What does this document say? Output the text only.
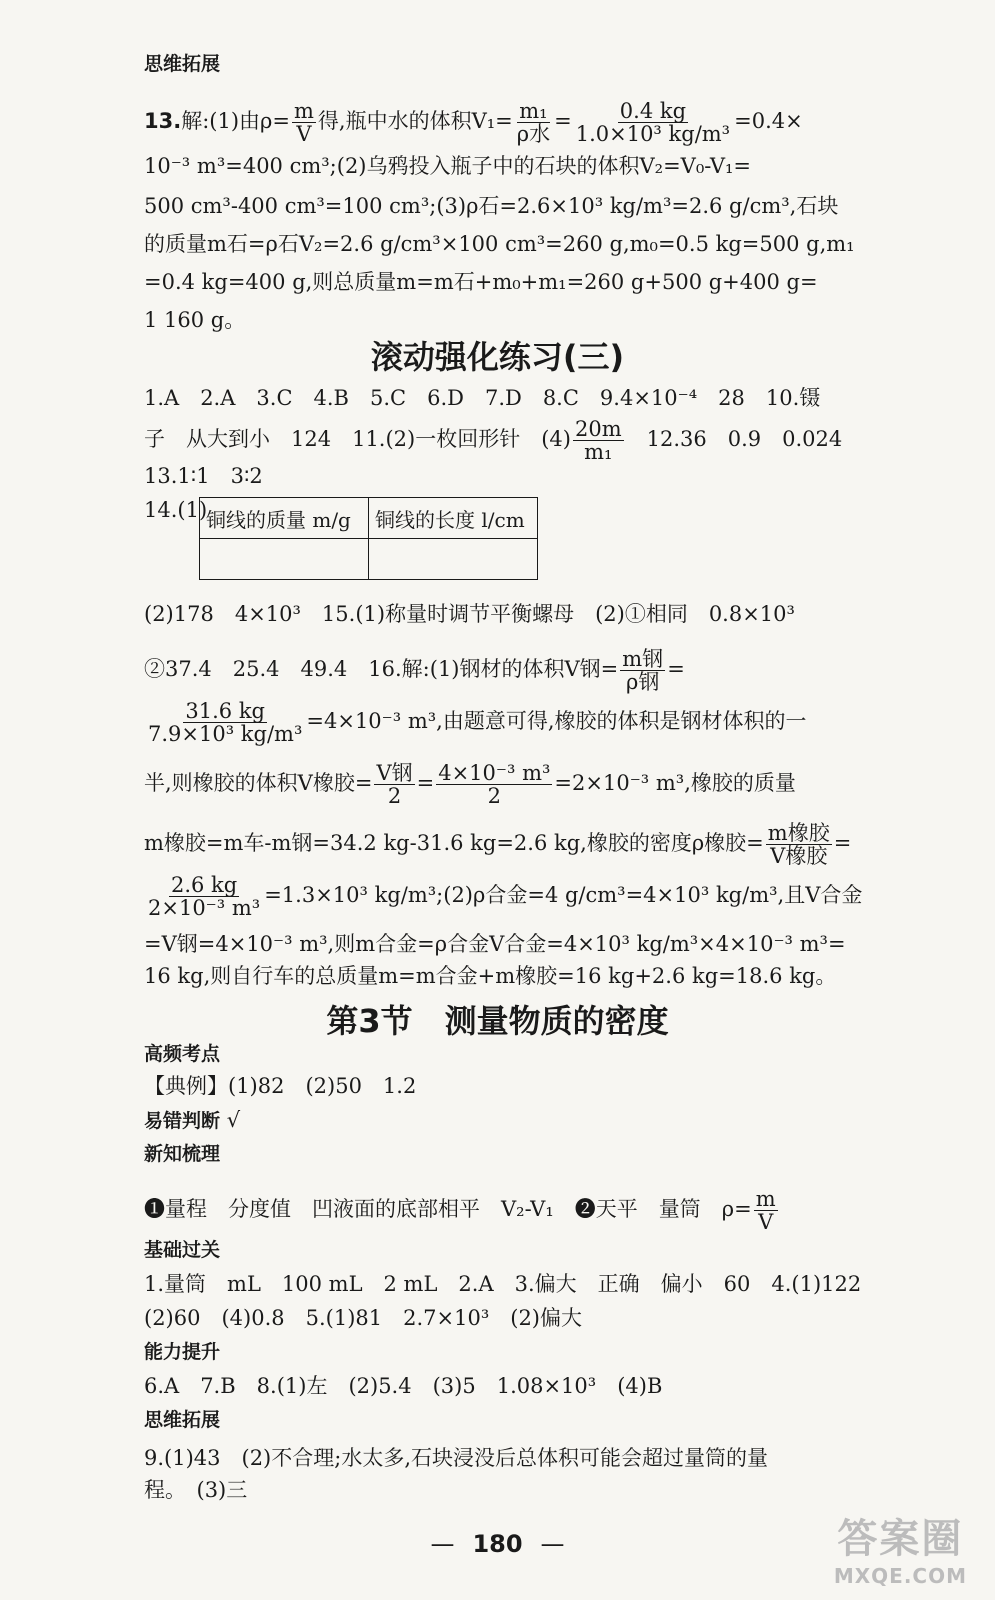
思维拓展
13.解:(1)由$\rho= \frac{m}{V}$ 得,瓶中水的体积$V_1= \frac{\text{m₁}}{\text{ρ水}} = \frac{0.4 kg}{\text{1.0×10³ kg/m³}} =0.4\times$
10⁻³ m³=400 cm³;(2)乌鸦投入瓶子中的石块的体积V₂=V₀-V₁=
500 cm³-400 cm³=100 cm³;(3)ρ石=2.6×10³ kg/m³=2.6 g/cm³,石块
的质量m石=ρ石V₂=2.6 g/cm³×100 cm³=260 g,m₀=0.5 kg=500 g,m₁
=0.4 kg=400 g,则总质量m=m石+m₀+m₁=260 g+500 g+400 g=
1 160 g。
滚动强化练习(三)
1.A　2.A　3.C　4.B　5.C　6.D　7.D　8.C　9.4×10⁻⁴　28　10.镊
子　从大到小　124　11.(2)一枚回形针　$(4) \frac{20m}{\text{m₁}}$ 　12.36　0.9　0.024
13.1∶1　3∶2
14.(1)
铜线的质量 m/g	铜线的长度 l/cm

(2)178　4×10³　15.(1)称量时调节平衡螺母　(2)①相同　0.8×10³
②37.4　25.4　49.4　16.解:(1)钢材的体积V钢= $\frac{\text{m钢}}{\text{ρ钢}}$ =
$\frac{31.6 kg}{\text{7.9×10³ kg/m³}} =4\times 10^{-3}$ m³,由题意可得,橡胶的体积是钢材体积的一
半,则橡胶的体积V橡胶= $\frac{\text{V钢}}{2} = \frac{\text{4×10⁻³ m³}}{2} =2\times 10^{-3}$ m³,橡胶的质量
m橡胶=m车-m钢=34.2 kg-31.6 kg=2.6 kg,橡胶的密度ρ橡胶= $\frac{\text{m橡胶}}{\text{V橡胶}}$ =
$\frac{2.6 kg}{\text{2×10⁻³ m³}} =1.3\times 10^3$ kg/m³;(2)ρ合金=4 g/cm³=4×10³ kg/m³,且V合金
=V钢=4×10⁻³ m³,则m合金=ρ合金V合金=4×10³ kg/m³×4×10⁻³ m³=
16 kg,则自行车的总质量m=m合金+m橡胶=16 kg+2.6 kg=18.6 kg。
第3节　测量物质的密度
高频考点
【典例】(1)82　(2)50　1.2
易错判断 √
新知梳理
❶量程　分度值　凹液面的底部相平　V₂-V₁　❷天平　量筒　$\rho= \frac{m}{V}$
基础过关
1.量筒　mL　100 mL　2 mL　2.A　3.偏大　正确　偏小　60　4.(1)122
(2)60　(4)0.8　5.(1)81　2.7×10³　(2)偏大
能力提升
6.A　7.B　8.(1)左　(2)5.4　(3)5　1.08×10³　(4)B
思维拓展
9.(1)43　(2)不合理;水太多,石块浸没后总体积可能会超过量筒的量
程。　(3)三
— 180 —	答案圈
MXQE.COM
